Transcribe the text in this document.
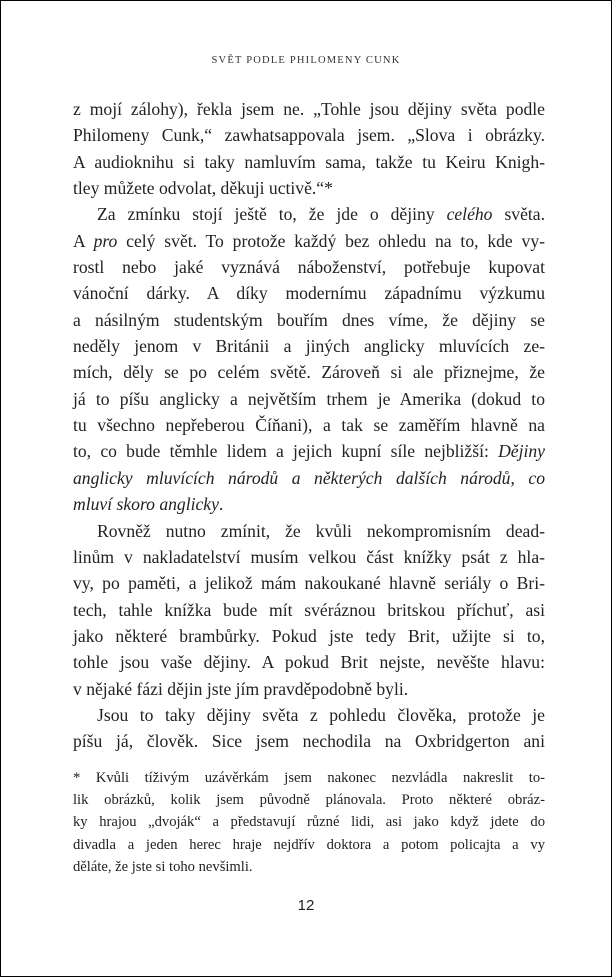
SVĚT PODLE PHILOMENY CUNK
z mojí zálohy), řekla jsem ne. „Tohle jsou dějiny světa podle
Philomeny Cunk,“ zawhatsappovala jsem. „Slova i obrázky.
A audioknihu si taky namluvím sama, takže tu Keiru Knigh-
tley můžete odvolat, děkuji uctivě.“*
Za zmínku stojí ještě to, že jde o dějiny celého světa.
A pro celý svět. To protože každý bez ohledu na to, kde vy-
rostl nebo jaké vyznává náboženství, potřebuje kupovat
vánoční dárky. A díky modernímu západnímu výzkumu
a násilným studentským bouřím dnes víme, že dějiny se
neděly jenom v Británii a jiných anglicky mluvících ze-
mích, děly se po celém světě. Zároveň si ale přiznejme, že
já to píšu anglicky a největším trhem je Amerika (dokud to
tu všechno nepřeberou Číňani), a tak se zaměřím hlavně na
to, co bude těmhle lidem a jejich kupní síle nejbližší: Dějiny
anglicky mluvících národů a některých dalších národů, co
mluví skoro anglicky.
Rovněž nutno zmínit, že kvůli nekompromisním dead-
linům v nakladatelství musím velkou část knížky psát z hla-
vy, po paměti, a jelikož mám nakoukané hlavně seriály o Bri-
tech, tahle knížka bude mít svéráznou britskou příchuť, asi
jako některé brambůrky. Pokud jste tedy Brit, užijte si to,
tohle jsou vaše dějiny. A pokud Brit nejste, nevěšte hlavu:
v nějaké fázi dějin jste jím pravděpodobně byli.
Jsou to taky dějiny světa z pohledu člověka, protože je
píšu já, člověk. Sice jsem nechodila na Oxbridgerton ani
* Kvůli tíživým uzávěrkám jsem nakonec nezvládla nakreslit to-
lik obrázků, kolik jsem původně plánovala. Proto některé obráz-
ky hrajou „dvoják“ a představují různé lidi, asi jako když jdete do
divadla a jeden herec hraje nejdřív doktora a potom policajta a vy
děláte, že jste si toho nevšimli.
12
